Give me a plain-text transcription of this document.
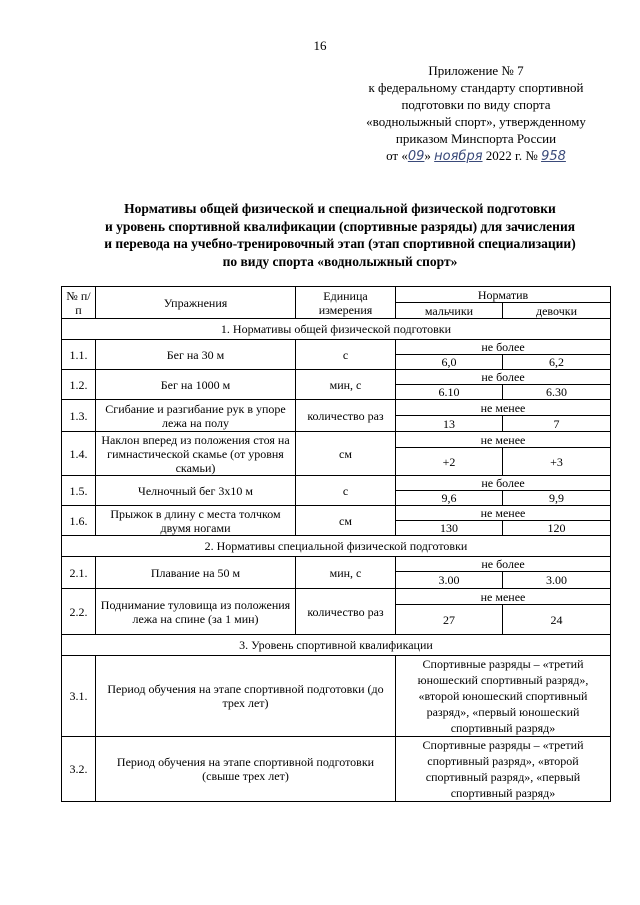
16
Приложение № 7
к федеральному стандарту спортивной
подготовки по виду спорта
«воднолыжный спорт», утвержденному
приказом Минспорта России
от «09» ноября 2022 г. № 958
Нормативы общей физической и специальной физической подготовки
и уровень спортивной квалификации (спортивные разряды) для зачисления
и перевода на учебно-тренировочный этап (этап спортивной специализации)
по виду спорта «воднолыжный спорт»
№ п/п	Упражнения	Единица измерения	Норматив	
			мальчики	девочки
1. Нормативы общей физической подготовки				
1.1.	Бег на 30 м	с	не более	
			6,0	6,2
1.2.	Бег на 1000 м	мин, с	не более	
			6.10	6.30
1.3.	Сгибание и разгибание рук в упоре лежа на полу	количество раз	не менее	
			13	7
1.4.	Наклон вперед из положения стоя на гимнастической скамье (от уровня скамьи)	см	не менее	
			+2	+3
1.5.	Челночный бег 3x10 м	с	не более	
			9,6	9,9
1.6.	Прыжок в длину с места толчком двумя ногами	см	не менее	
			130	120
2. Нормативы специальной физической подготовки				
2.1.	Плавание на 50 м	мин, с	не более	
			3.00	3.00
2.2.	Поднимание туловища из положения лежа на спине (за 1 мин)	количество раз	не менее	
			27	24
3. Уровень спортивной квалификации				
3.1.	Период обучения на этапе спортивной подготовки (до трех лет)		Спортивные разряды – «третий юношеский спортивный разряд», «второй юношеский спортивный разряд», «первый юношеский спортивный разряд»	
3.2.	Период обучения на этапе спортивной подготовки (свыше трех лет)		Спортивные разряды – «третий спортивный разряд», «второй спортивный разряд», «первый спортивный разряд»	
